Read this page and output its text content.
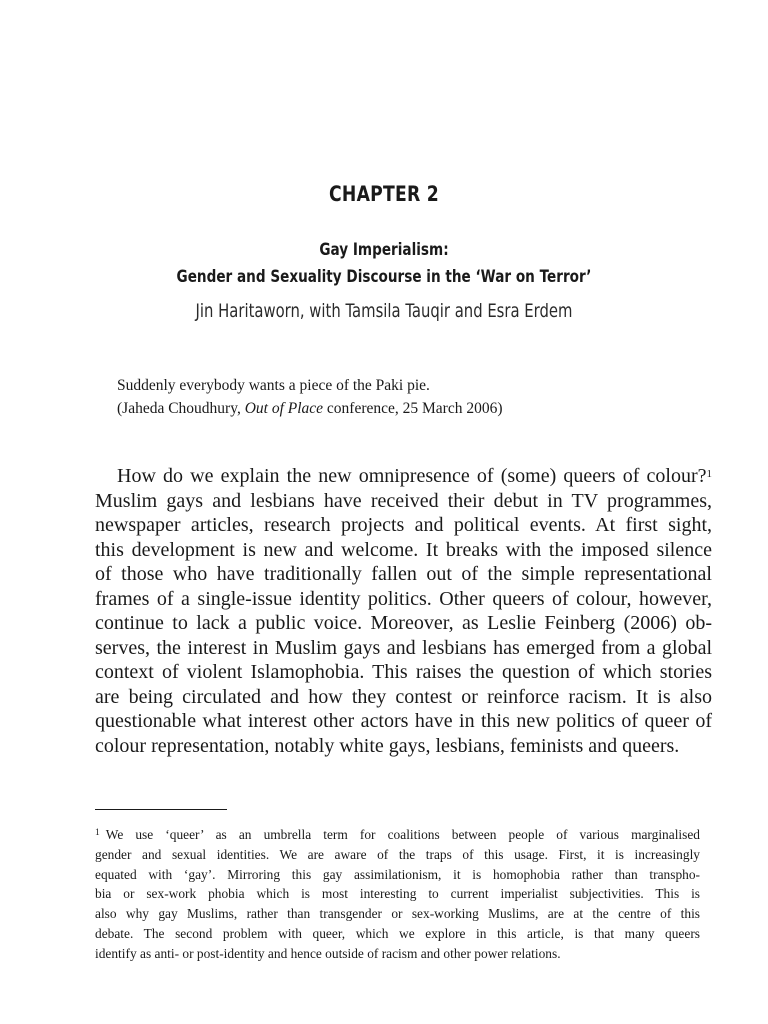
CHAPTER 2
Gay Imperialism:
Gender and Sexuality Discourse in the ‘War on Terror’
Jin Haritaworn, with Tamsila Tauqir and Esra Erdem
Suddenly everybody wants a piece of the Paki pie.
(Jaheda Choudhury, Out of Place conference, 25 March 2006)
How do we explain the new omnipresence of (some) queers of colour?$^1$
Muslim gays and lesbians have received their debut in TV programmes,
newspaper articles, research projects and political events. At first sight,
this development is new and welcome. It breaks with the imposed silence
of those who have traditionally fallen out of the simple representational
frames of a single-issue identity politics. Other queers of colour, however,
continue to lack a public voice. Moreover, as Leslie Feinberg (2006) ob-
serves, the interest in Muslim gays and lesbians has emerged from a global
context of violent Islamophobia. This raises the question of which stories
are being circulated and how they contest or reinforce racism. It is also
questionable what interest other actors have in this new politics of queer of
colour representation, notably white gays, lesbians, feminists and queers.
$^1$ We use ‘queer’ as an umbrella term for coalitions between people of various marginalised
gender and sexual identities. We are aware of the traps of this usage. First, it is increasingly
equated with ‘gay’. Mirroring this gay assimilationism, it is homophobia rather than transpho-
bia or sex-work phobia which is most interesting to current imperialist subjectivities. This is
also why gay Muslims, rather than transgender or sex-working Muslims, are at the centre of this
debate. The second problem with queer, which we explore in this article, is that many queers
identify as anti- or post-identity and hence outside of racism and other power relations.
